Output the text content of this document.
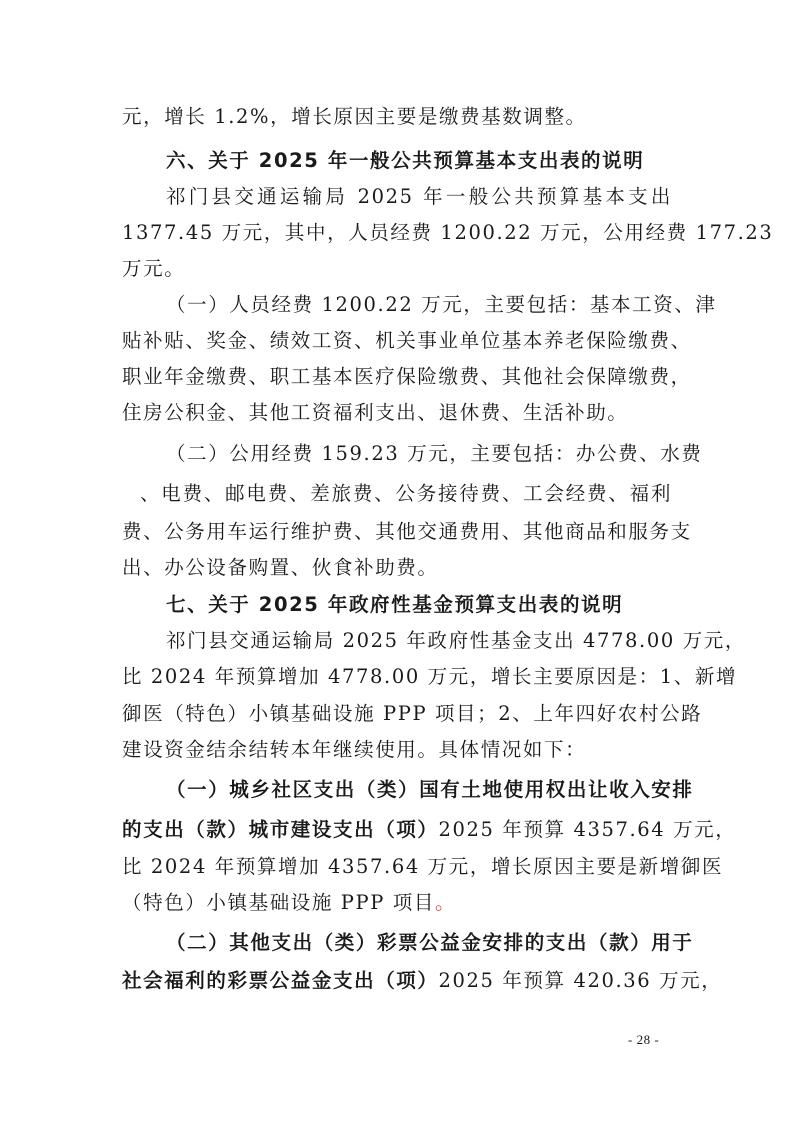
元，增长 1.2%，增长原因主要是缴费基数调整。

六、关于 2025 年一般公共预算基本支出表的说明

祁门县交通运输局 2025 年一般公共预算基本支出

1377.45 万元，其中，人员经费 1200.22 万元，公用经费 177.23

万元。

（一）人员经费 1200.22 万元，主要包括：基本工资、津

贴补贴、奖金、绩效工资、机关事业单位基本养老保险缴费、

职业年金缴费、职工基本医疗保险缴费、其他社会保障缴费，

住房公积金、其他工资福利支出、退休费、生活补助。

（二）公用经费 159.23 万元，主要包括：办公费、水费

、电费、邮电费、差旅费、公务接待费、工会经费、福利

费、公务用车运行维护费、其他交通费用、其他商品和服务支

出、办公设备购置、伙食补助费。

七、关于 2025 年政府性基金预算支出表的说明

祁门县交通运输局 2025 年政府性基金支出 4778.00 万元，

比 2024 年预算增加 4778.00 万元，增长主要原因是：1、新增

御医（特色）小镇基础设施 PPP 项目；2、上年四好农村公路

建设资金结余结转本年继续使用。具体情况如下：

（一）城乡社区支出（类）国有土地使用权出让收入安排

的支出（款）城市建设支出（项）2025 年预算 4357.64 万元，

比 2024 年预算增加 4357.64 万元，增长原因主要是新增御医

（特色）小镇基础设施 PPP 项目。

（二）其他支出（类）彩票公益金安排的支出（款）用于

社会福利的彩票公益金支出（项）2025 年预算 420.36 万元，

- 28 -
